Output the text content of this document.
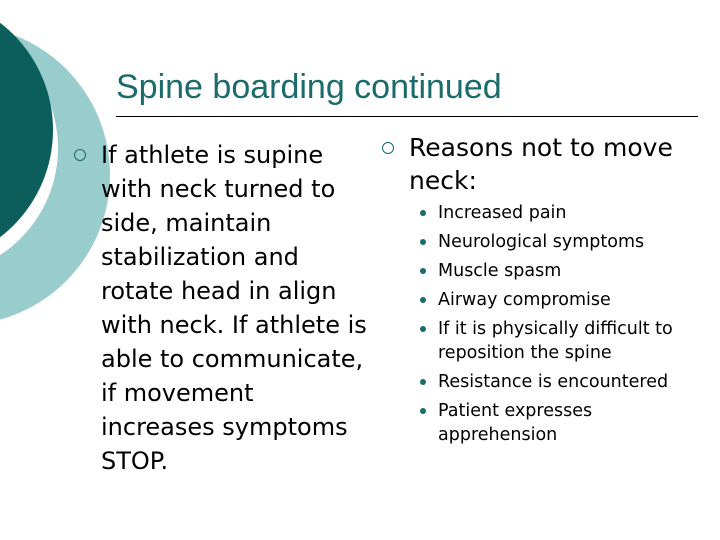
Spine boarding continued

If athlete is supine with neck turned to side, maintain stabilization and rotate head in align with neck. If athlete is able to communicate, if movement increases symptoms STOP.

Reasons not to move neck:

Increased pain
Neurological symptoms
Muscle spasm
Airway compromise
If it is physically difficult to reposition the spine
Resistance is encountered
Patient expresses apprehension
